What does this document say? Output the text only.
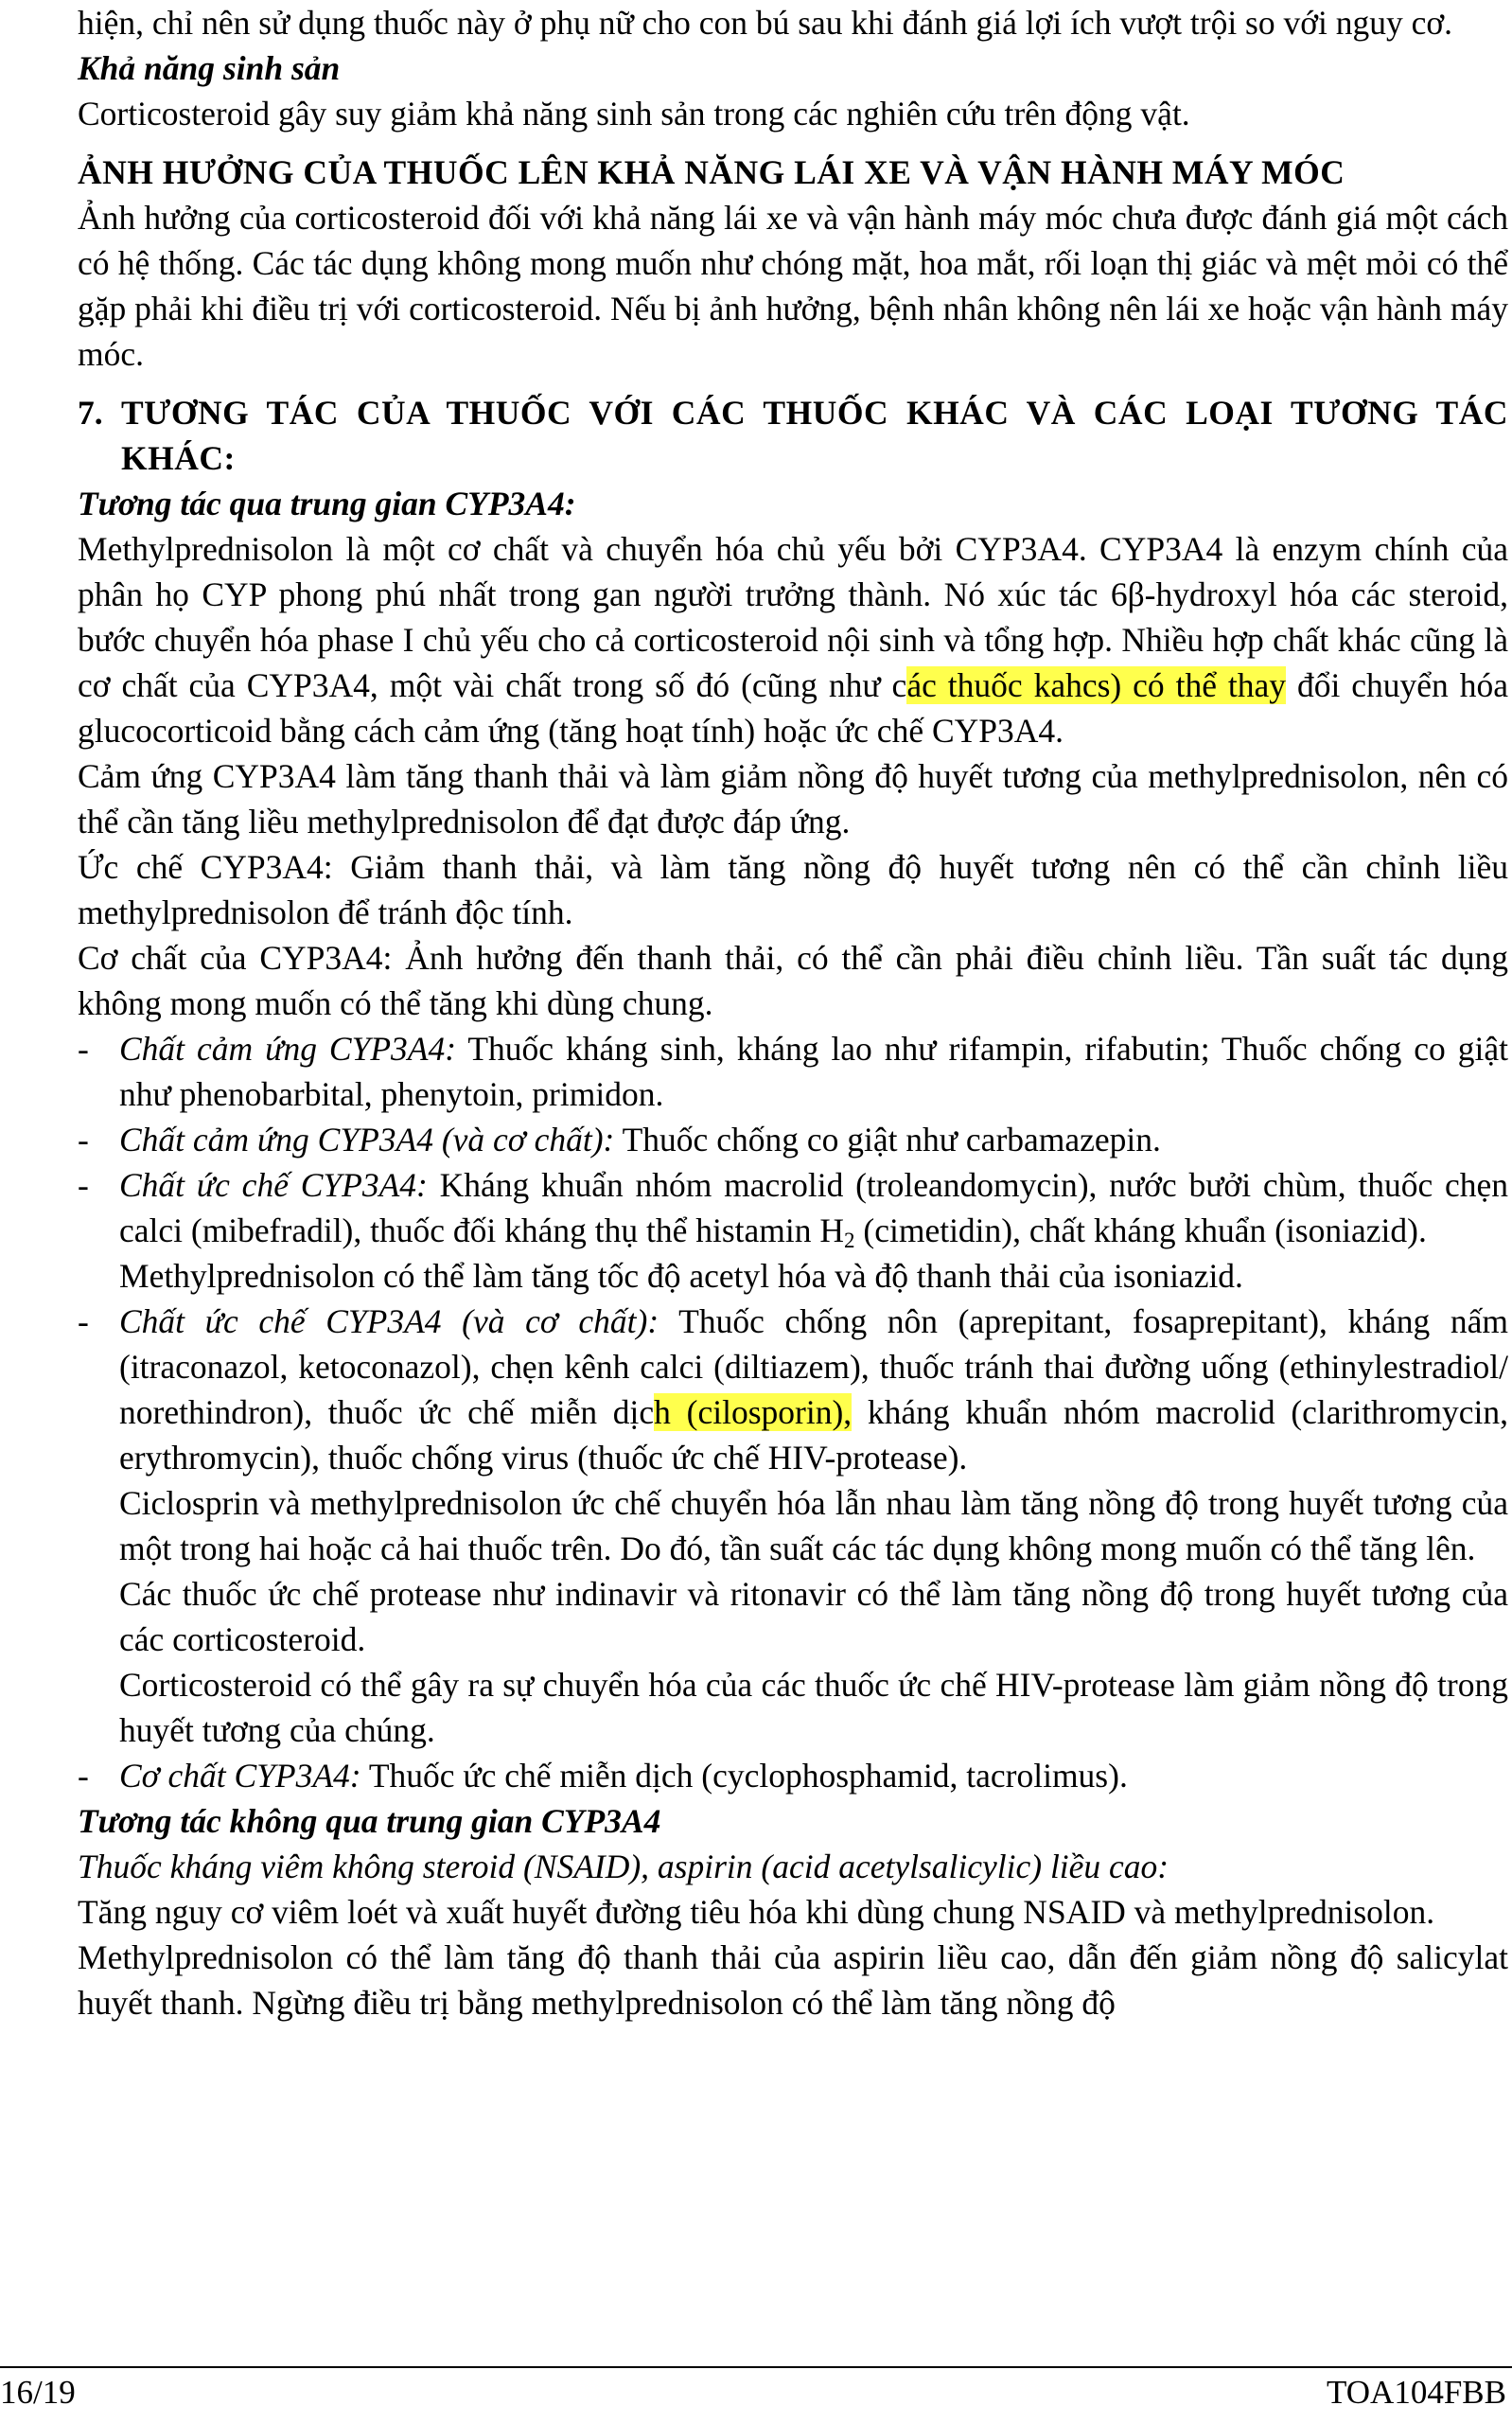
hiện, chỉ nên sử dụng thuốc này ở phụ nữ cho con bú sau khi đánh giá lợi ích vượt trội so với nguy cơ.

Khả năng sinh sản

Corticosteroid gây suy giảm khả năng sinh sản trong các nghiên cứu trên động vật.

ẢNH HƯỞNG CỦA THUỐC LÊN KHẢ NĂNG LÁI XE VÀ VẬN HÀNH MÁY MÓC

Ảnh hưởng của corticosteroid đối với khả năng lái xe và vận hành máy móc chưa được đánh giá một cách có hệ thống. Các tác dụng không mong muốn như chóng mặt, hoa mắt, rối loạn thị giác và mệt mỏi có thể gặp phải khi điều trị với corticosteroid. Nếu bị ảnh hưởng, bệnh nhân không nên lái xe hoặc vận hành máy móc.

7. TƯƠNG TÁC CỦA THUỐC VỚI CÁC THUỐC KHÁC VÀ CÁC LOẠI TƯƠNG TÁC KHÁC:

Tương tác qua trung gian CYP3A4:

Methylprednisolon là một cơ chất và chuyển hóa chủ yếu bởi CYP3A4. CYP3A4 là enzym chính của phân họ CYP phong phú nhất trong gan người trưởng thành. Nó xúc tác 6β-hydroxyl hóa các steroid, bước chuyển hóa phase I chủ yếu cho cả corticosteroid nội sinh và tổng hợp. Nhiều hợp chất khác cũng là cơ chất của CYP3A4, một vài chất trong số đó (cũng như các thuốc kahcs) có thể thay đổi chuyển hóa glucocorticoid bằng cách cảm ứng (tăng hoạt tính) hoặc ức chế CYP3A4.

Cảm ứng CYP3A4 làm tăng thanh thải và làm giảm nồng độ huyết tương của methylprednisolon, nên có thể cần tăng liều methylprednisolon để đạt được đáp ứng.

Ức chế CYP3A4: Giảm thanh thải, và làm tăng nồng độ huyết tương nên có thể cần chỉnh liều methylprednisolon để tránh độc tính.

Cơ chất của CYP3A4: Ảnh hưởng đến thanh thải, có thể cần phải điều chỉnh liều. Tần suất tác dụng không mong muốn có thể tăng khi dùng chung.

- Chất cảm ứng CYP3A4: Thuốc kháng sinh, kháng lao như rifampin, rifabutin; Thuốc chống co giật như phenobarbital, phenytoin, primidon.
- Chất cảm ứng CYP3A4 (và cơ chất): Thuốc chống co giật như carbamazepin.
- Chất ức chế CYP3A4: Kháng khuẩn nhóm macrolid (troleandomycin), nước bưởi chùm, thuốc chẹn calci (mibefradil), thuốc đối kháng thụ thể histamin $H_2$ (cimetidin), chất kháng khuẩn (isoniazid).

Methylprednisolon có thể làm tăng tốc độ acetyl hóa và độ thanh thải của isoniazid.

- Chất ức chế CYP3A4 (và cơ chất): Thuốc chống nôn (aprepitant, fosaprepitant), kháng nấm (itraconazol, ketoconazol), chẹn kênh calci (diltiazem), thuốc tránh thai đường uống (ethinylestradiol/ norethindron), thuốc ức chế miễn dịch (cilosporin), kháng khuẩn nhóm macrolid (clarithromycin, erythromycin), thuốc chống virus (thuốc ức chế HIV-protease).

Ciclosprin và methylprednisolon ức chế chuyển hóa lẫn nhau làm tăng nồng độ trong huyết tương của một trong hai hoặc cả hai thuốc trên. Do đó, tần suất các tác dụng không mong muốn có thể tăng lên.

Các thuốc ức chế protease như indinavir và ritonavir có thể làm tăng nồng độ trong huyết tương của các corticosteroid.

Corticosteroid có thể gây ra sự chuyển hóa của các thuốc ức chế HIV-protease làm giảm nồng độ trong huyết tương của chúng.

- Cơ chất CYP3A4: Thuốc ức chế miễn dịch (cyclophosphamid, tacrolimus).

Tương tác không qua trung gian CYP3A4

Thuốc kháng viêm không steroid (NSAID), aspirin (acid acetylsalicylic) liều cao:

Tăng nguy cơ viêm loét và xuất huyết đường tiêu hóa khi dùng chung NSAID và methylprednisolon.

Methylprednisolon có thể làm tăng độ thanh thải của aspirin liều cao, dẫn đến giảm nồng độ salicylat huyết thanh. Ngừng điều trị bằng methylprednisolon có thể làm tăng nồng độ

16/19	TOA104FBB
